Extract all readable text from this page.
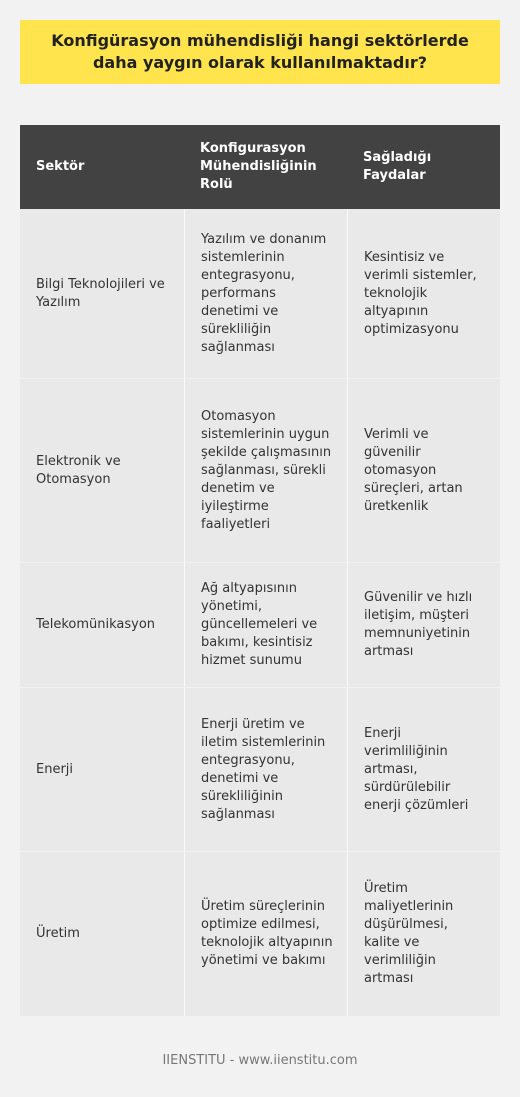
Konfigürasyon mühendisliği hangi sektörlerde daha yaygın olarak kullanılmaktadır?
Sektör
Konfigurasyon Mühendisliğinin Rolü
Sağladığı Faydalar
Bilgi Teknolojileri ve Yazılım
Yazılım ve donanım sistemlerinin entegrasyonu, performans denetimi ve sürekliliğin sağlanması
Kesintisiz ve verimli sistemler, teknolojik altyapının optimizasyonu
Elektronik ve Otomasyon
Otomasyon sistemlerinin uygun şekilde çalışmasının sağlanması, sürekli denetim ve iyileştirme faaliyetleri
Verimli ve güvenilir otomasyon süreçleri, artan üretkenlik
Telekomünikasyon
Ağ altyapısının yönetimi, güncellemeleri ve bakımı, kesintisiz hizmet sunumu
Güvenilir ve hızlı iletişim, müşteri memnuniyetinin artması
Enerji
Enerji üretim ve iletim sistemlerinin entegrasyonu, denetimi ve sürekliliğinin sağlanması
Enerji verimliliğinin artması, sürdürülebilir enerji çözümleri
Üretim
Üretim süreçlerinin optimize edilmesi, teknolojik altyapının yönetimi ve bakımı
Üretim maliyetlerinin düşürülmesi, kalite ve verimliliğin artması
IIENSTITU - www.iienstitu.com
